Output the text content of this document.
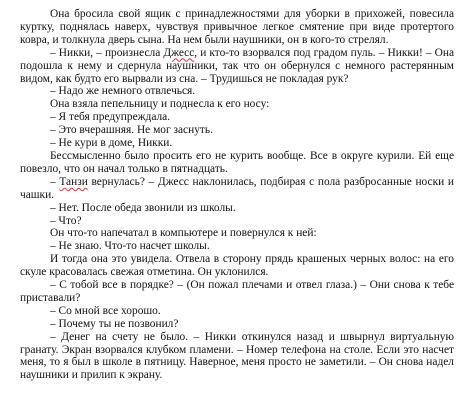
Она бросила свой ящик с принадлежностями для уборки в прихожей, повесила куртку, поднялась наверх, чувствуя привычное легкое смятение при виде протертого ковра, и толкнула дверь сына. На нем были наушники, он в кого-то стрелял.

– Никки, – произнесла Джесс, и кто-то взорвался под градом пуль. – Никки! – Она подошла к нему и сдернула наушники, так что он обернулся с немного растерянным видом, как будто его вырвали из сна. – Трудишься не покладая рук?

– Надо же немного отвлечься.

Она взяла пепельницу и поднесла к его носу:

– Я тебя предупреждала.

– Это вчерашняя. Не мог заснуть.

– Не кури в доме, Никки.

Бессмысленно было просить его не курить вообще. Все в округе курили. Ей еще повезло, что он начал только в пятнадцать.

– Танзи вернулась? – Джесс наклонилась, подбирая с пола разбросанные носки и чашки.

– Нет. После обеда звонили из школы.

– Что?

Он что-то напечатал в компьютере и повернулся к ней:

– Не знаю. Что-то насчет школы.

И тогда она это увидела. Отвела в сторону прядь крашеных черных волос: на его скуле красовалась свежая отметина. Он уклонился.

– С тобой все в порядке? – (Он пожал плечами и отвел глаза.) – Они снова к тебе приставали?

– Со мной все хорошо.

– Почему ты не позвонил?

– Денег на счету не было. – Никки откинулся назад и швырнул виртуальную гранату. Экран взорвался клубком пламени. – Номер телефона на столе. Если это насчет меня, то я был в школе в пятницу. Наверное, меня просто не заметили. – Он снова надел наушники и прилип к экрану.
